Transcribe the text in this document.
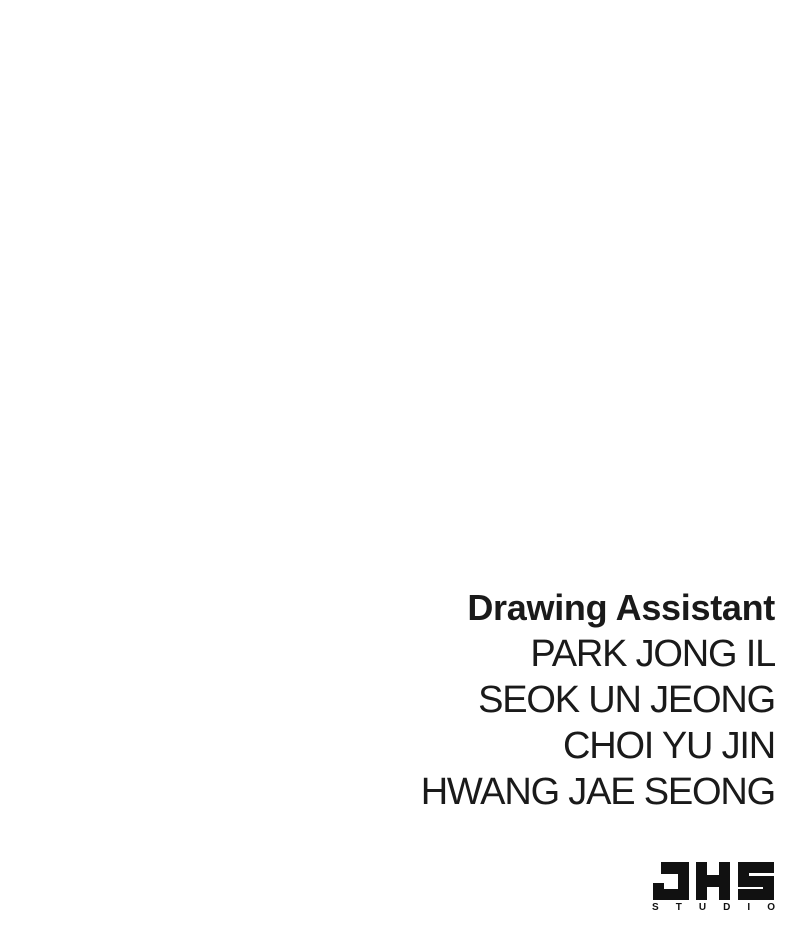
Drawing Assistant
PARK JONG IL
SEOK UN JEONG
CHOI YU JIN
HWANG JAE SEONG
S T U D I O
